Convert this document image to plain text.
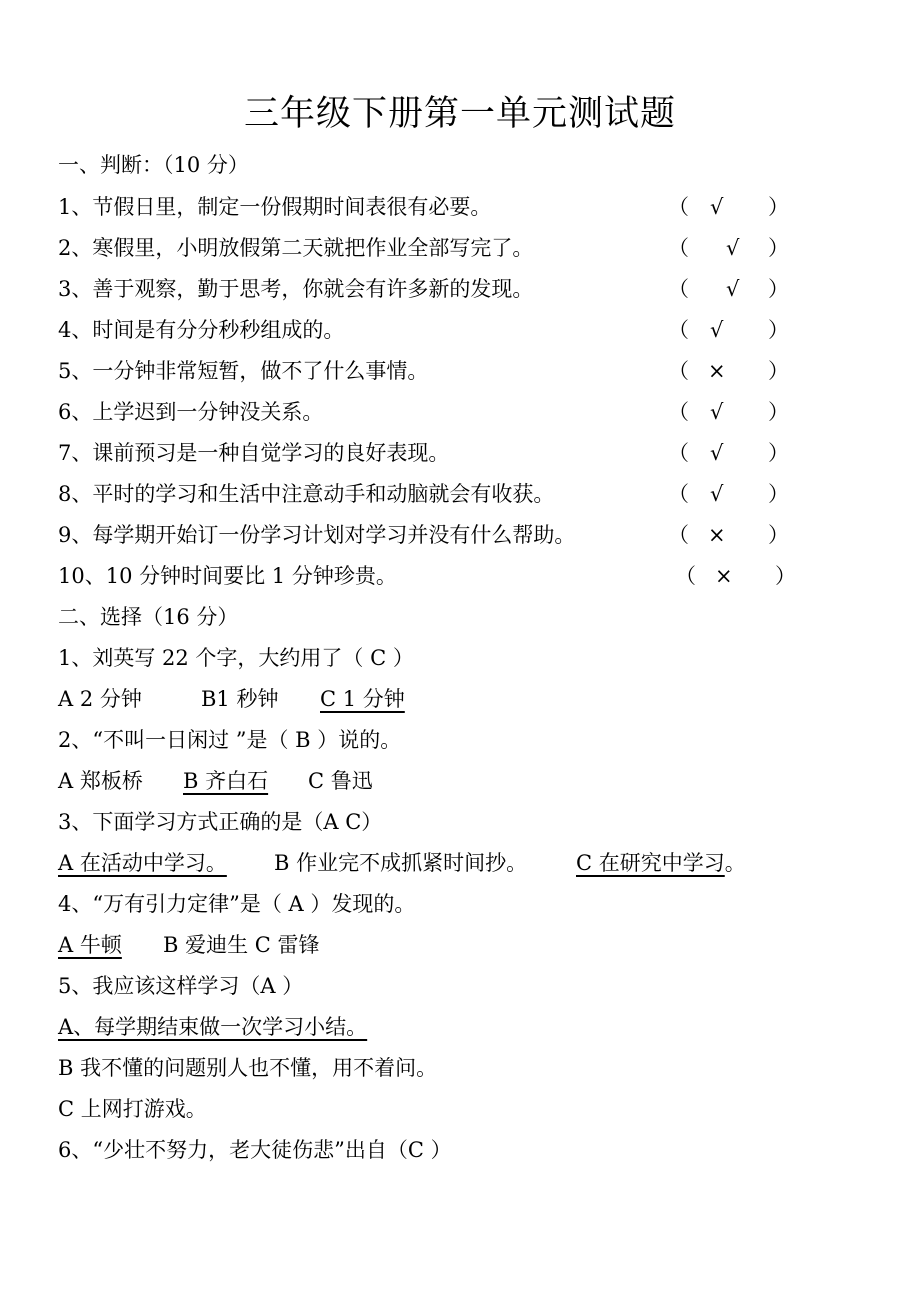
三年级下册第一单元测试题
一、判断：（10 分）
1、节假日里，制定一份假期时间表很有必要。	（ √ ）
2、寒假里，小明放假第二天就把作业全部写完了。	（ √ ）
3、善于观察，勤于思考，你就会有许多新的发现。	（ √ ）
4、时间是有分分秒秒组成的。	（ √ ）
5、一分钟非常短暂，做不了什么事情。	（ × ）
6、上学迟到一分钟没关系。	（ √ ）
7、课前预习是一种自觉学习的良好表现。	（ √ ）
8、平时的学习和生活中注意动手和动脑就会有收获。	（ √ ）
9、每学期开始订一份学习计划对学习并没有什么帮助。	（ × ）
10、10 分钟时间要比 1 分钟珍贵。	（ × ）
二、选择（16 分）
1、刘英写 22 个字，大约用了（ C ）
A 2 分钟	B1 秒钟 C 1 分钟
2、“不叫一日闲过 ”是（ B ）说的。
A 郑板桥 B 齐白石 C 鲁迅
3、下面学习方式正确的是（A C）
A 在活动中学习。 B 作业完不成抓紧时间抄。 C 在研究中学习。
4、“万有引力定律”是（ A ）发现的。
A 牛顿 B 爱迪生 C 雷锋
5、我应该这样学习（A ）
A、每学期结束做一次学习小结。
B 我不懂的问题别人也不懂，用不着问。
C 上网打游戏。
6、“少壮不努力，老大徒伤悲”出自（C ）
